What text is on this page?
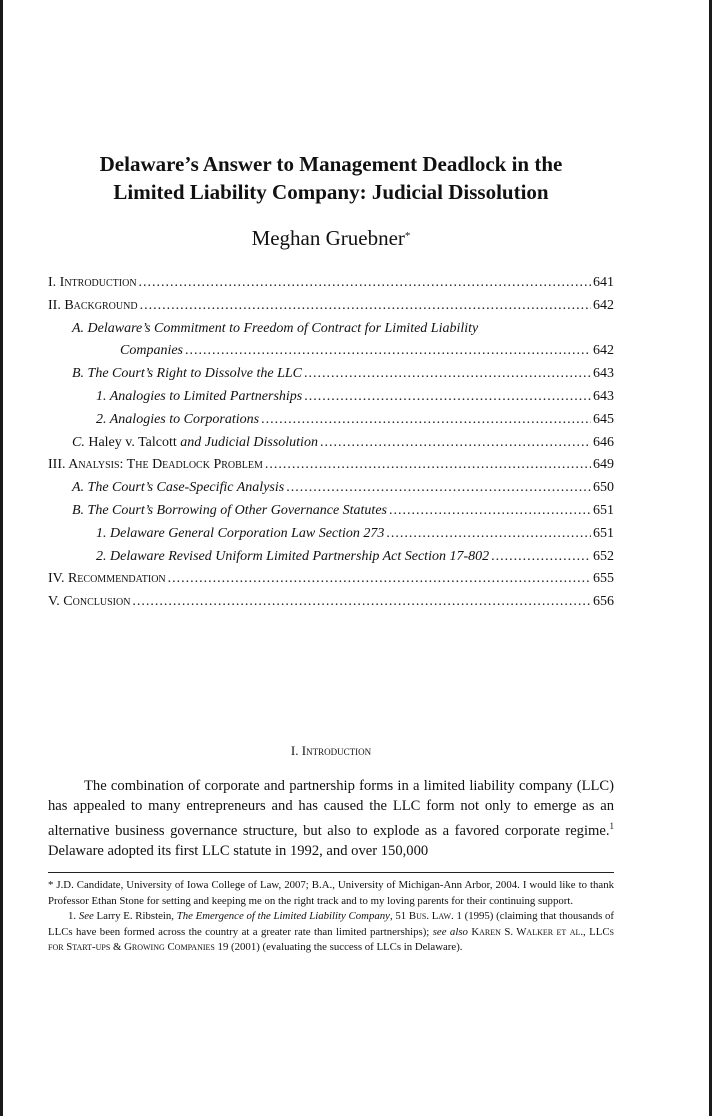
Delaware’s Answer to Management Deadlock in the
Limited Liability Company: Judicial Dissolution
Meghan Gruebner*
I. Introduction .....	641
II. Background .....	642
A. Delaware’s Commitment to Freedom of Contract for Limited Liability
Companies .....	642
B. The Court’s Right to Dissolve the LLC .....	643
1. Analogies to Limited Partnerships .....	643
2. Analogies to Corporations .....	645
C. Haley v. Talcott and Judicial Dissolution .....	646
III. Analysis: The Deadlock Problem .....	649
A. The Court’s Case-Specific Analysis .....	650
B. The Court’s Borrowing of Other Governance Statutes .....	651
1. Delaware General Corporation Law Section 273 .....	651
2. Delaware Revised Uniform Limited Partnership Act Section 17-802 .....	652
IV. Recommendation .....	655
V. Conclusion .....	656
I. Introduction

The combination of corporate and partnership forms in a limited liability company (LLC) has appealed to many entrepreneurs and has caused the LLC form not only to emerge as an alternative business governance structure, but also to explode as a favored corporate regime.$^1$ Delaware adopted its first LLC statute in 1992, and over 150,000

* J.D. Candidate, University of Iowa College of Law, 2007; B.A., University of Michigan-Ann Arbor, 2004. I would like to thank Professor Ethan Stone for setting and keeping me on the right track and to my loving parents for their continuing support.

1. See Larry E. Ribstein, The Emergence of the Limited Liability Company, 51 Bus. Law. 1 (1995) (claiming that thousands of LLCs have been formed across the country at a greater rate than limited partnerships); see also Karen S. Walker et al., LLCs for Start-ups & Growing Companies 19 (2001) (evaluating the success of LLCs in Delaware).
